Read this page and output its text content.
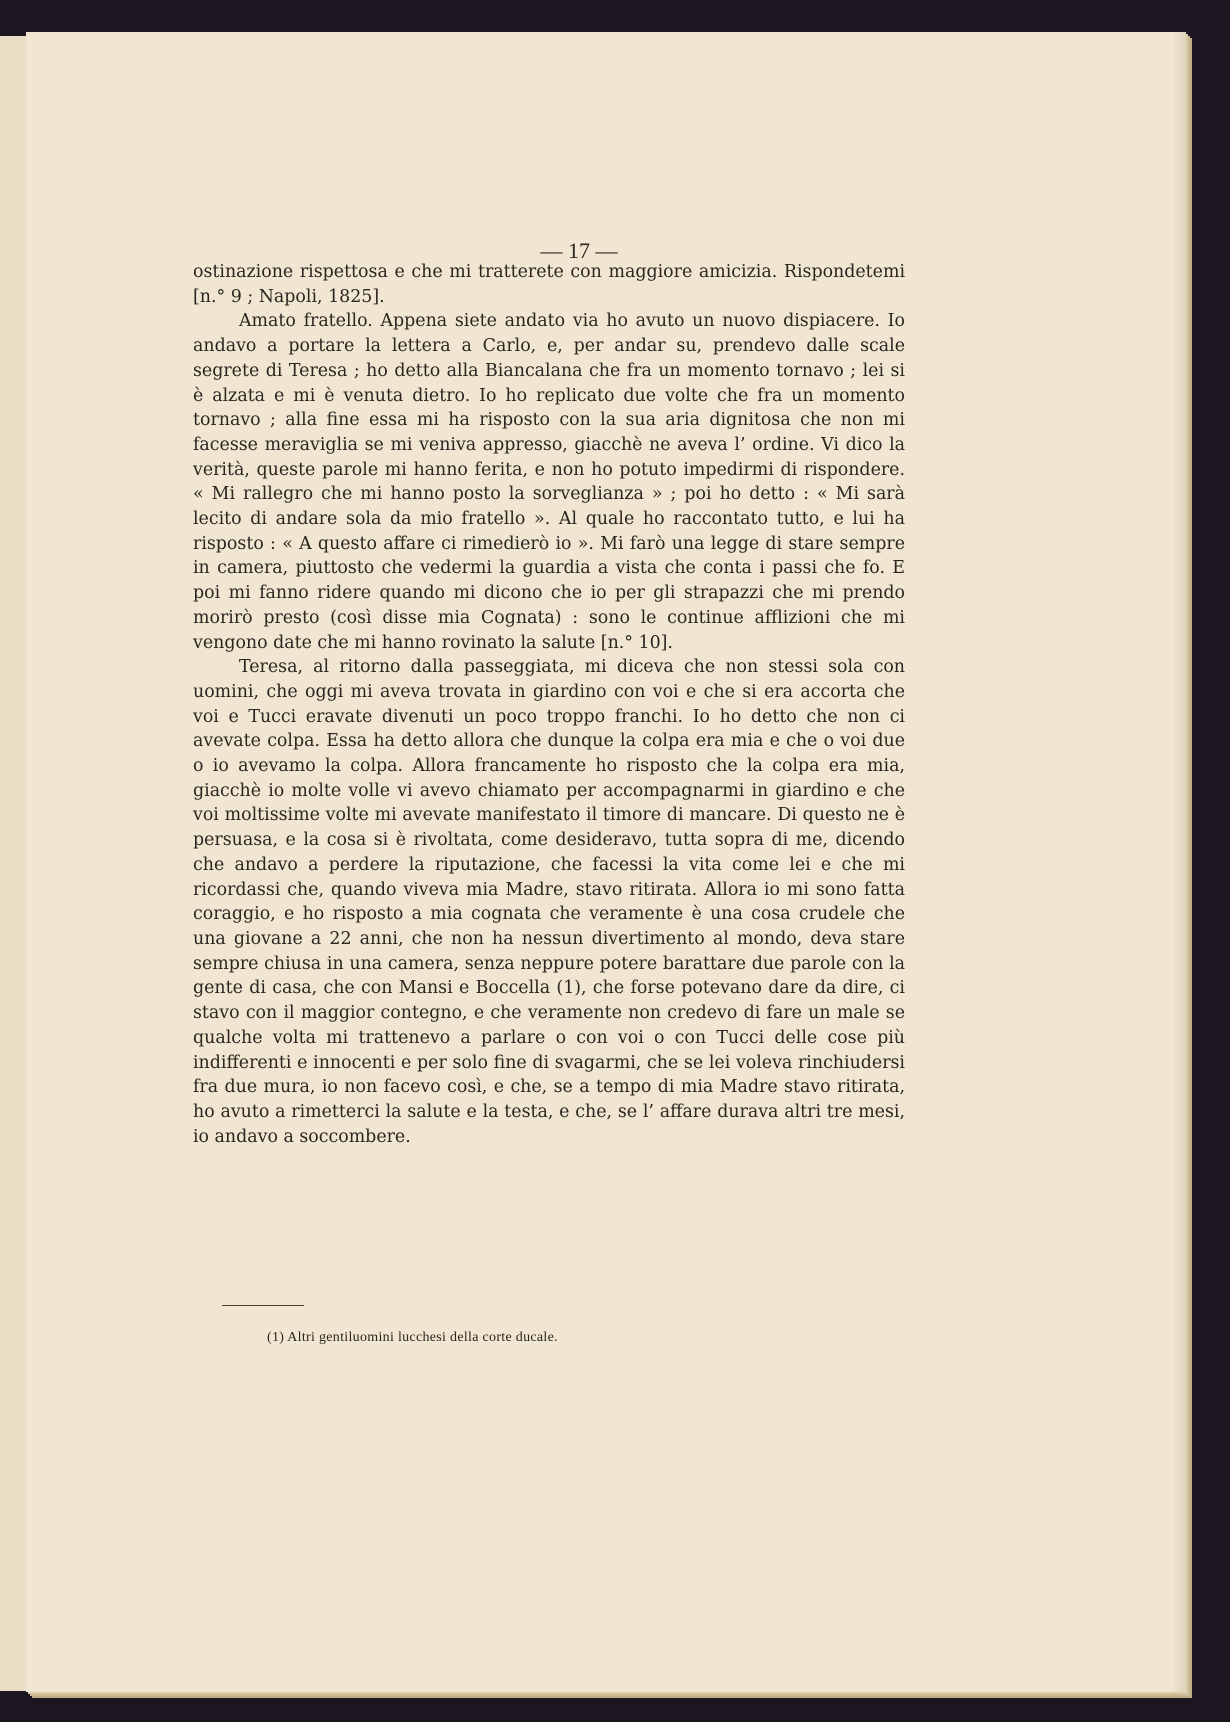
— 17 —

ostinazione rispettosa e che mi tratterete con maggiore amicizia. Rispondetemi [n.° 9 ; Napoli, 1825].

Amato fratello. Appena siete andato via ho avuto un nuovo dispiacere. Io andavo a portare la lettera a Carlo, e, per andar su, prendevo dalle scale segrete di Teresa ; ho detto alla Biancalana che fra un momento tornavo ; lei si è alzata e mi è venuta dietro. Io ho replicato due volte che fra un momento tornavo ; alla fine essa mi ha risposto con la sua aria dignitosa che non mi facesse meraviglia se mi veniva appresso, giacchè ne aveva l’ ordine. Vi dico la verità, queste parole mi hanno ferita, e non ho potuto impedirmi di rispondere. « Mi rallegro che mi hanno posto la sorveglianza » ; poi ho detto : « Mi sarà lecito di andare sola da mio fratello ». Al quale ho raccontato tutto, e lui ha risposto : « A questo affare ci rimedierò io ». Mi farò una legge di stare sempre in camera, piuttosto che vedermi la guardia a vista che conta i passi che fo. E poi mi fanno ridere quando mi dicono che io per gli strapazzi che mi prendo morirò presto (così disse mia Cognata) : sono le continue afflizioni che mi vengono date che mi hanno rovinato la salute [n.° 10].

Teresa, al ritorno dalla passeggiata, mi diceva che non stessi sola con uomini, che oggi mi aveva trovata in giardino con voi e che si era accorta che voi e Tucci eravate divenuti un poco troppo franchi. Io ho detto che non ci avevate colpa. Essa ha detto allora che dunque la colpa era mia e che o voi due o io avevamo la colpa. Allora francamente ho risposto che la colpa era mia, giacchè io molte volle vi avevo chiamato per accompagnarmi in giardino e che voi moltissime volte mi avevate manifestato il timore di mancare. Di questo ne è persuasa, e la cosa si è rivoltata, come desideravo, tutta sopra di me, dicendo che andavo a perdere la riputazione, che facessi la vita come lei e che mi ricordassi che, quando viveva mia Madre, stavo ritirata. Allora io mi sono fatta coraggio, e ho risposto a mia cognata che veramente è una cosa crudele che una giovane a 22 anni, che non ha nessun divertimento al mondo, deva stare sempre chiusa in una camera, senza neppure potere barattare due parole con la gente di casa, che con Mansi e Boccella (1), che forse potevano dare da dire, ci stavo con il maggior contegno, e che veramente non credevo di fare un male se qualche volta mi trattenevo a parlare o con voi o con Tucci delle cose più indifferenti e innocenti e per solo fine di svagarmi, che se lei voleva rinchiudersi fra due mura, io non facevo così, e che, se a tempo di mia Madre stavo ritirata, ho avuto a rimetterci la salute e la testa, e che, se l’ affare durava altri tre mesi, io andavo a soccombere.

(1) Altri gentiluomini lucchesi della corte ducale.
